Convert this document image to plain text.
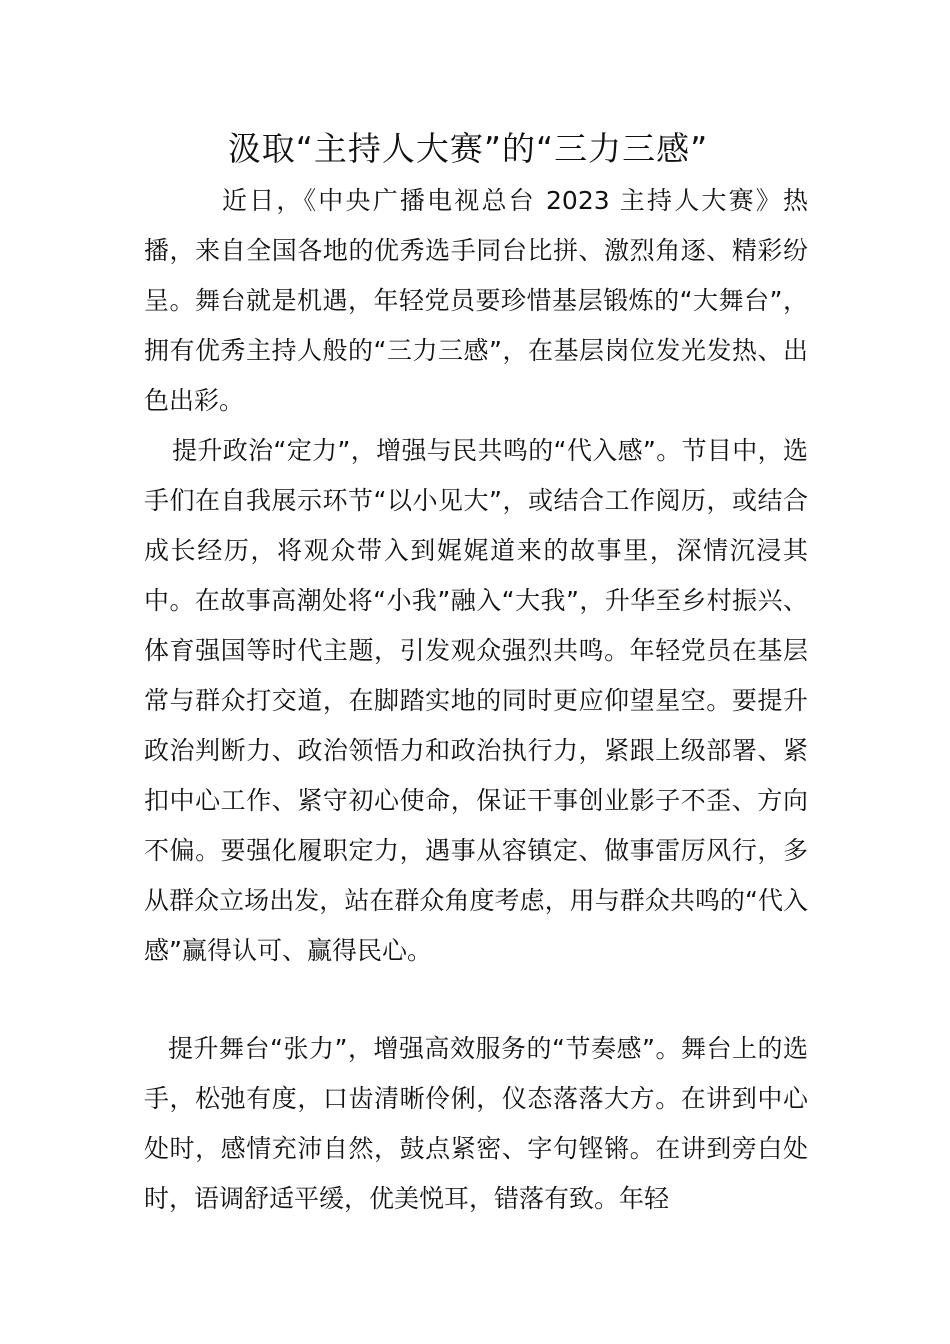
汲取“主持人大赛”的“三力三感”
近日，《中央广播电视总台 2023 主持人大赛》热播，来自全国各地的优秀选手同台比拼、激烈角逐、精彩纷呈。舞台就是机遇，年轻党员要珍惜基层锻炼的“大舞台”，拥有优秀主持人般的“三力三感”，在基层岗位发光发热、出色出彩。
提升政治“定力”，增强与民共鸣的“代入感”。节目中，选手们在自我展示环节“以小见大”，或结合工作阅历，或结合成长经历，将观众带入到娓娓道来的故事里，深情沉浸其中。在故事高潮处将“小我”融入“大我”，升华至乡村振兴、体育强国等时代主题，引发观众强烈共鸣。年轻党员在基层常与群众打交道，在脚踏实地的同时更应仰望星空。要提升政治判断力、政治领悟力和政治执行力，紧跟上级部署、紧扣中心工作、紧守初心使命，保证干事创业影子不歪、方向不偏。要强化履职定力，遇事从容镇定、做事雷厉风行，多从群众立场出发，站在群众角度考虑，用与群众共鸣的“代入感”赢得认可、赢得民心。
提升舞台“张力”，增强高效服务的“节奏感”。舞台上的选手，松弛有度，口齿清晰伶俐，仪态落落大方。在讲到中心处时，感情充沛自然，鼓点紧密、字句铿锵。在讲到旁白处时，语调舒适平缓，优美悦耳，错落有致。年轻
